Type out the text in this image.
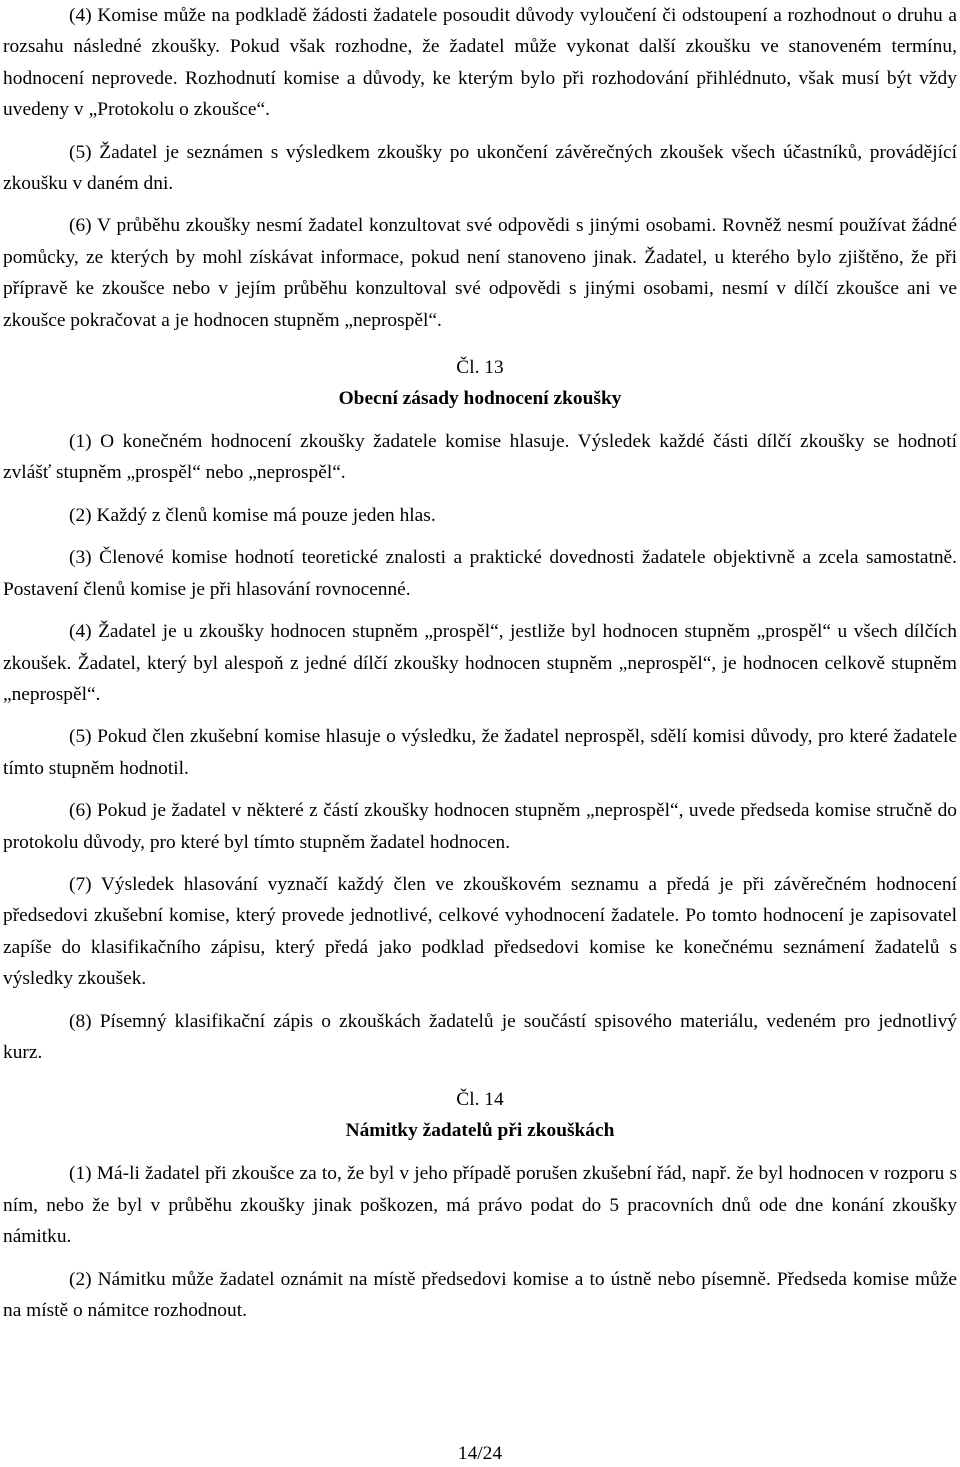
(4) Komise může na podkladě žádosti žadatele posoudit důvody vyloučení či odstoupení a rozhodnout o druhu a rozsahu následné zkoušky. Pokud však rozhodne, že žadatel může vykonat další zkoušku ve stanoveném termínu, hodnocení neprovede. Rozhodnutí komise a důvody, ke kterým bylo při rozhodování přihlédnuto, však musí být vždy uvedeny v „Protokolu o zkoušce“.

(5) Žadatel je seznámen s výsledkem zkoušky po ukončení závěrečných zkoušek všech účastníků, provádějící zkoušku v daném dni.

(6) V průběhu zkoušky nesmí žadatel konzultovat své odpovědi s jinými osobami. Rovněž nesmí používat žádné pomůcky, ze kterých by mohl získávat informace, pokud není stanoveno jinak. Žadatel, u kterého bylo zjištěno, že při přípravě ke zkoušce nebo v jejím průběhu konzultoval své odpovědi s jinými osobami, nesmí v dílčí zkoušce ani ve zkoušce pokračovat a je hodnocen stupněm „neprospěl“.

Čl. 13
Obecní zásady hodnocení zkoušky

(1) O konečném hodnocení zkoušky žadatele komise hlasuje. Výsledek každé části dílčí zkoušky se hodnotí zvlášť stupněm „prospěl“ nebo „neprospěl“.

(2) Každý z členů komise má pouze jeden hlas.

(3) Členové komise hodnotí teoretické znalosti a praktické dovednosti žadatele objektivně a zcela samostatně. Postavení členů komise je při hlasování rovnocenné.

(4) Žadatel je u zkoušky hodnocen stupněm „prospěl“, jestliže byl hodnocen stupněm „prospěl“ u všech dílčích zkoušek. Žadatel, který byl alespoň z jedné dílčí zkoušky hodnocen stupněm „neprospěl“, je hodnocen celkově stupněm „neprospěl“.

(5) Pokud člen zkušební komise hlasuje o výsledku, že žadatel neprospěl, sdělí komisi důvody, pro které žadatele tímto stupněm hodnotil.

(6) Pokud je žadatel v některé z částí zkoušky hodnocen stupněm „neprospěl“, uvede předseda komise stručně do protokolu důvody, pro které byl tímto stupněm žadatel hodnocen.

(7) Výsledek hlasování vyznačí každý člen ve zkouškovém seznamu a předá je při závěrečném hodnocení předsedovi zkušební komise, který provede jednotlivé, celkové vyhodnocení žadatele. Po tomto hodnocení je zapisovatel zapíše do klasifikačního zápisu, který předá jako podklad předsedovi komise ke konečnému seznámení žadatelů s výsledky zkoušek.

(8) Písemný klasifikační zápis o zkouškách žadatelů je součástí spisového materiálu, vedeném pro jednotlivý kurz.

Čl. 14
Námitky žadatelů při zkouškách

(1) Má-li žadatel při zkoušce za to, že byl v jeho případě porušen zkušební řád, např. že byl hodnocen v rozporu s ním, nebo že byl v průběhu zkoušky jinak poškozen, má právo podat do 5 pracovních dnů ode dne konání zkoušky námitku.

(2) Námitku může žadatel oznámit na místě předsedovi komise a to ústně nebo písemně. Předseda komise může na místě o námitce rozhodnout.

14/24
